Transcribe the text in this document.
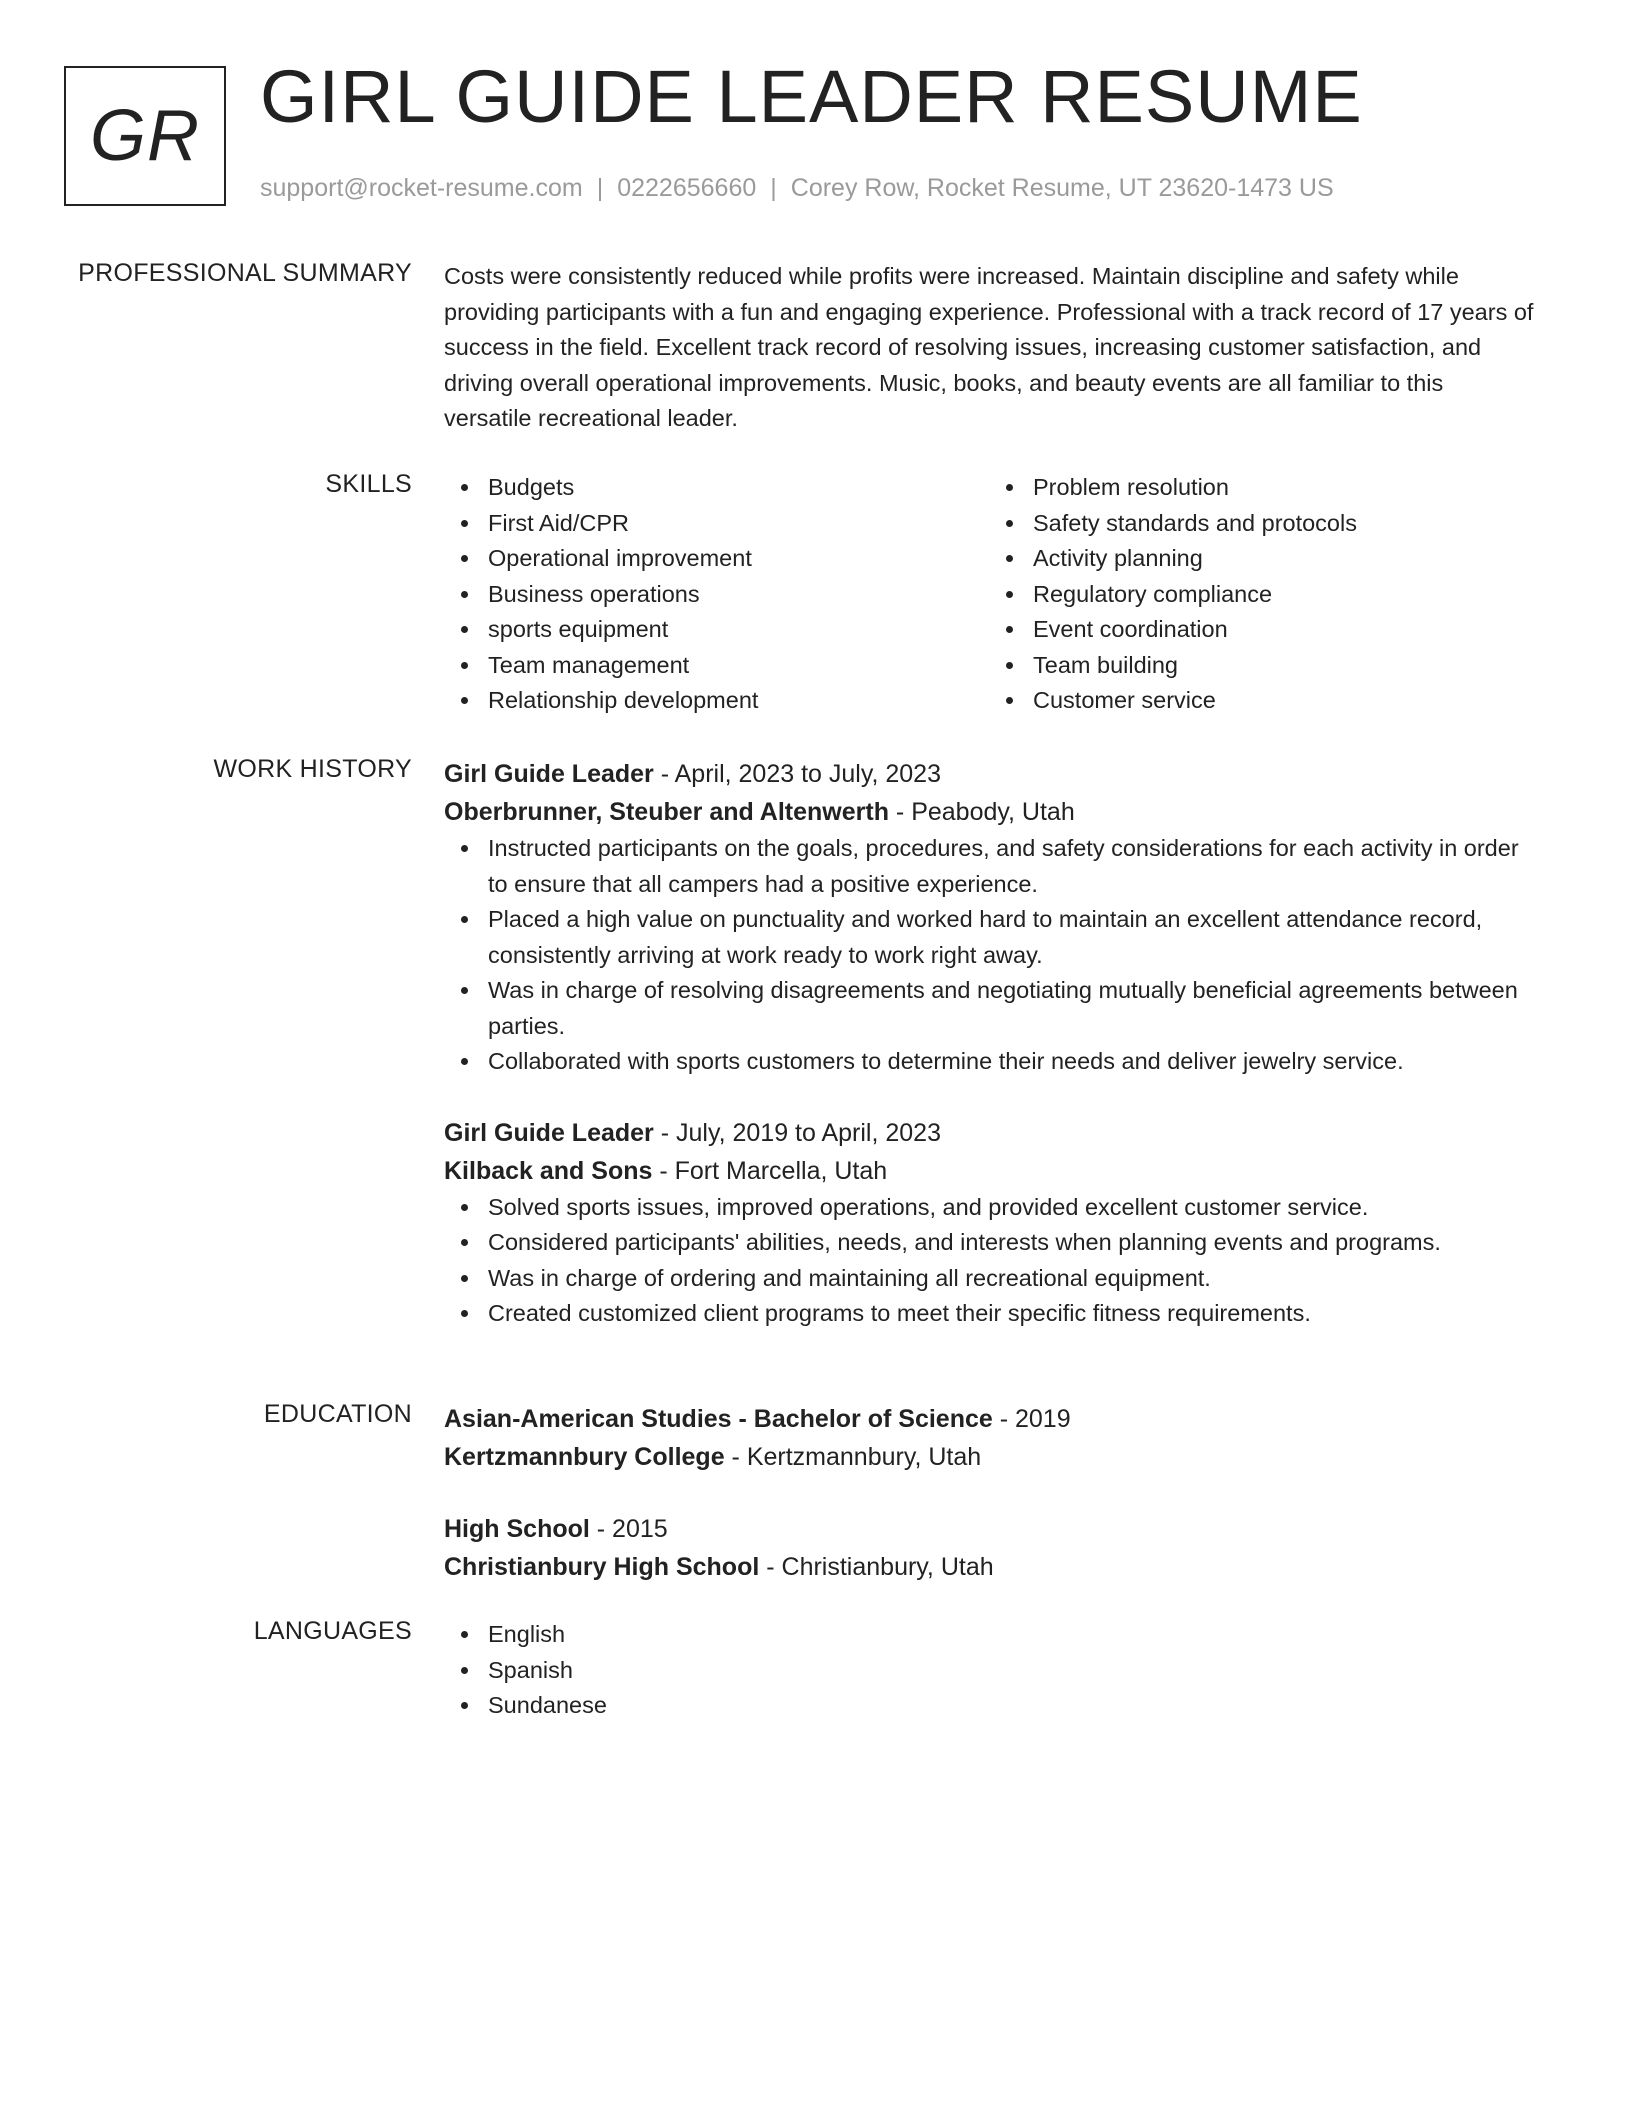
GR GIRL GUIDE LEADER RESUME
support@rocket-resume.com | 0222656660 | Corey Row, Rocket Resume, UT 23620-1473 US
PROFESSIONAL SUMMARY Costs were consistently reduced while profits were increased. Maintain discipline and safety while providing participants with a fun and engaging experience. Professional with a track record of 17 years of success in the field. Excellent track record of resolving issues, increasing customer satisfaction, and driving overall operational improvements. Music, books, and beauty events are all familiar to this versatile recreational leader.

SKILLS	Budgets
First Aid/CPR
Operational improvement
Business operations
sports equipment
Team management
Relationship development
Problem resolution
Safety standards and protocols
Activity planning
Regulatory compliance
Event coordination
Team building
Customer service
WORK HISTORY Girl Guide Leader - April, 2023 to July, 2023
Oberbrunner, Steuber and Altenwerth - Peabody, Utah
Instructed participants on the goals, procedures, and safety considerations for each activity in order to ensure that all campers had a positive experience.
Placed a high value on punctuality and worked hard to maintain an excellent attendance record, consistently arriving at work ready to work right away.
Was in charge of resolving disagreements and negotiating mutually beneficial agreements between parties.
Collaborated with sports customers to determine their needs and deliver jewelry service.
Girl Guide Leader - July, 2019 to April, 2023
Kilback and Sons - Fort Marcella, Utah
Solved sports issues, improved operations, and provided excellent customer service.
Considered participants' abilities, needs, and interests when planning events and programs.
Was in charge of ordering and maintaining all recreational equipment.
Created customized client programs to meet their specific fitness requirements.
EDUCATION Asian-American Studies - Bachelor of Science - 2019
Kertzmannbury College - Kertzmannbury, Utah
High School - 2015
Christianbury High School - Christianbury, Utah
LANGUAGES	English
Spanish
Sundanese
